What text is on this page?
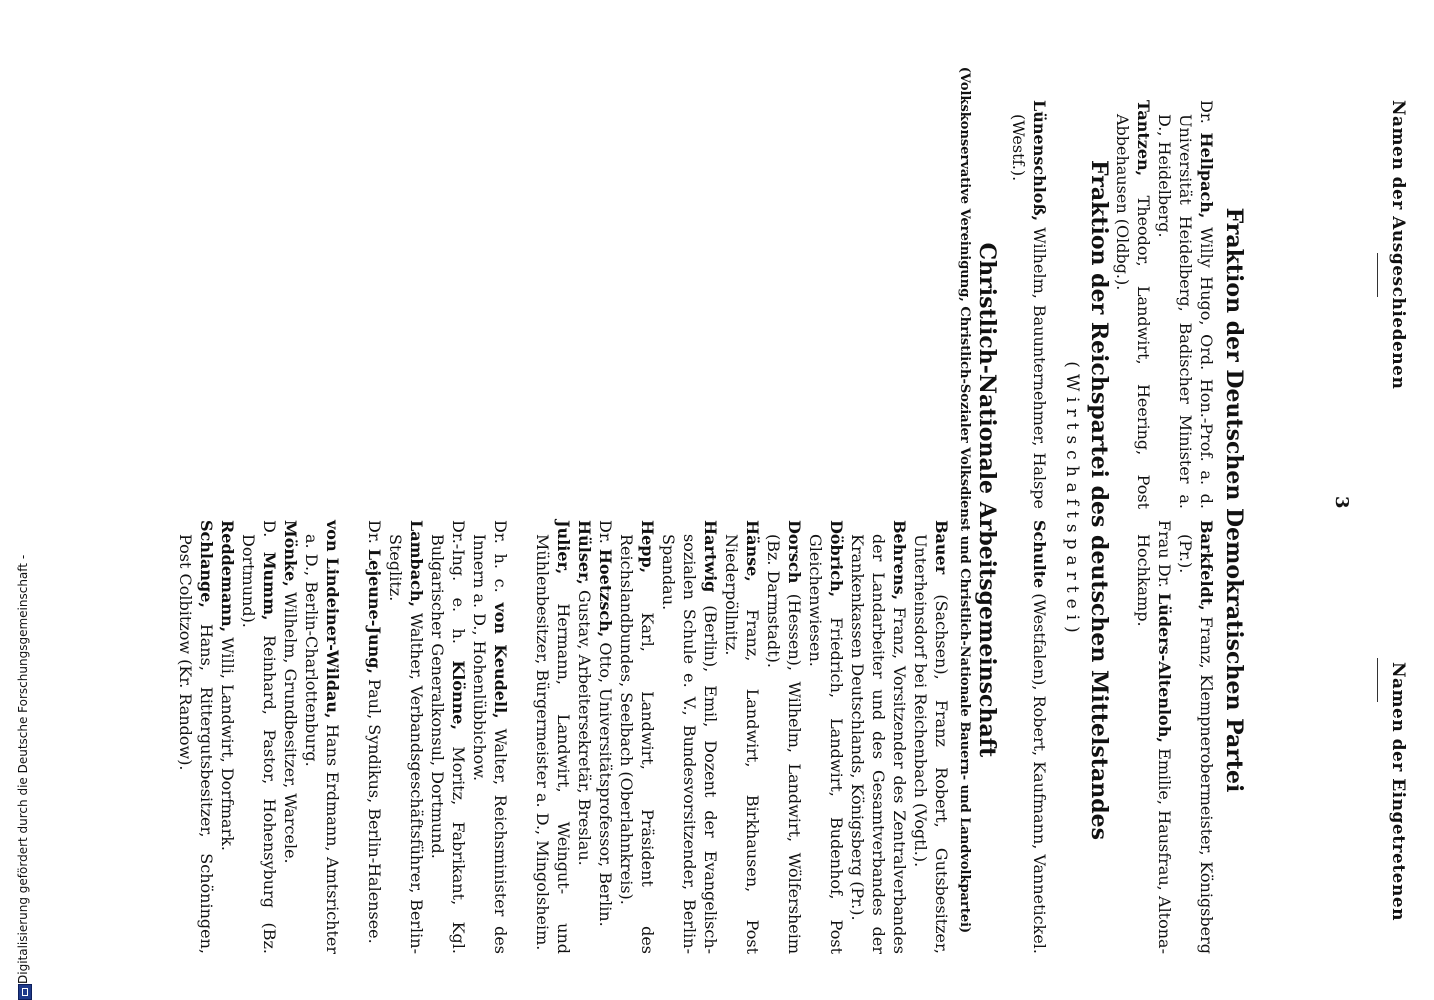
Namen der Ausgeschiedenen
3
Namen der Eingetretenen
Fraktion der Deutschen Demokratischen Partei
Dr. Hellpach, Willy Hugo, Ord. Hon.-Prof. a. d. Universität Heidelberg, Badischer Minister a. D., Heidelberg.
Tantzen, Theodor, Landwirt, Heering, Post Abbehausen (Oldbg.).
Barkfeldt, Franz, Klempnerobermeister, Königsberg (Pr.).
Frau Dr. Lüders-Altenloh, Emilie, Hausfrau, Altona-Hochkamp.
Fraktion der Reichspartei des deutschen Mittelstandes
(Wirtschaftspartei)
Lünenschloß, Wilhelm, Bauunternehmer, Halspe (Westf.).
Schulte (Westfalen), Robert, Kaufmann, Vannetickel.
Christlich-Nationale Arbeitsgemeinschaft
(Volkskonservative Vereinigung, Christlich-Sozialer Volksdienst und Christlich-Nationale Bauern- und Landvolkpartei)
Bauer (Sachsen), Franz Robert, Gutsbesitzer, Unterheinsdorf bei Reichenbach (Vogtl.).
Behrens, Franz, Vorsitzender des Zentralverbandes der Landarbeiter und des Gesamtverbandes der Krankenkassen Deutschlands, Königsberg (Pr.).
Döbrich, Friedrich, Landwirt, Budenhof, Post Gleichenwiesen.
Dorsch (Hessen), Wilhelm, Landwirt, Wölfersheim (Bz. Darmstadt).
Hänse, Franz, Landwirt, Birkhausen, Post Niederpöllnitz.
Hartwig (Berlin), Emil, Dozent der Evangelisch-sozialen Schule e. V., Bundesvorsitzender, Berlin-Spandau.
Hepp, Karl, Landwirt, Präsident des Reichslandbundes, Seelbach (Oberlahnkreis).
Dr. Hoetzsch, Otto, Universitätsprofessor, Berlin.
Hülser, Gustav, Arbeitersekretär, Breslau.
Julier, Hermann, Landwirt, Weingut- und Mühlenbesitzer, Bürgermeister a. D., Mingolsheim.
Dr. h. c. von Keudell, Walter, Reichsminister des Innern a. D., Hohenlübbichow.
Dr.-Ing. e. h. Klönne, Moritz, Fabrikant, Kgl. Bulgarischer Generalkonsul, Dortmund.
Lambach, Walther, Verbandsgeschäftsführer, Berlin-Steglitz.
Dr. Lejeune-Jung, Paul, Syndikus, Berlin-Halensee.
von Lindeiner-Wildau, Hans Erdmann, Amtsrichter a. D., Berlin-Charlottenburg.
Mönke, Wilhelm, Grundbesitzer, Warcele.
D. Mumm, Reinhard, Pastor, Hohensyburg (Bz. Dortmund).
Reddemann, Willi, Landwirt, Dorfmark.
Schlange, Hans, Rittergutsbesitzer, Schöningen, Post Colbitzow (Kr. Randow).
Digitalisierung gefördert durch die Deutsche Forschungsgemeinschaft -
